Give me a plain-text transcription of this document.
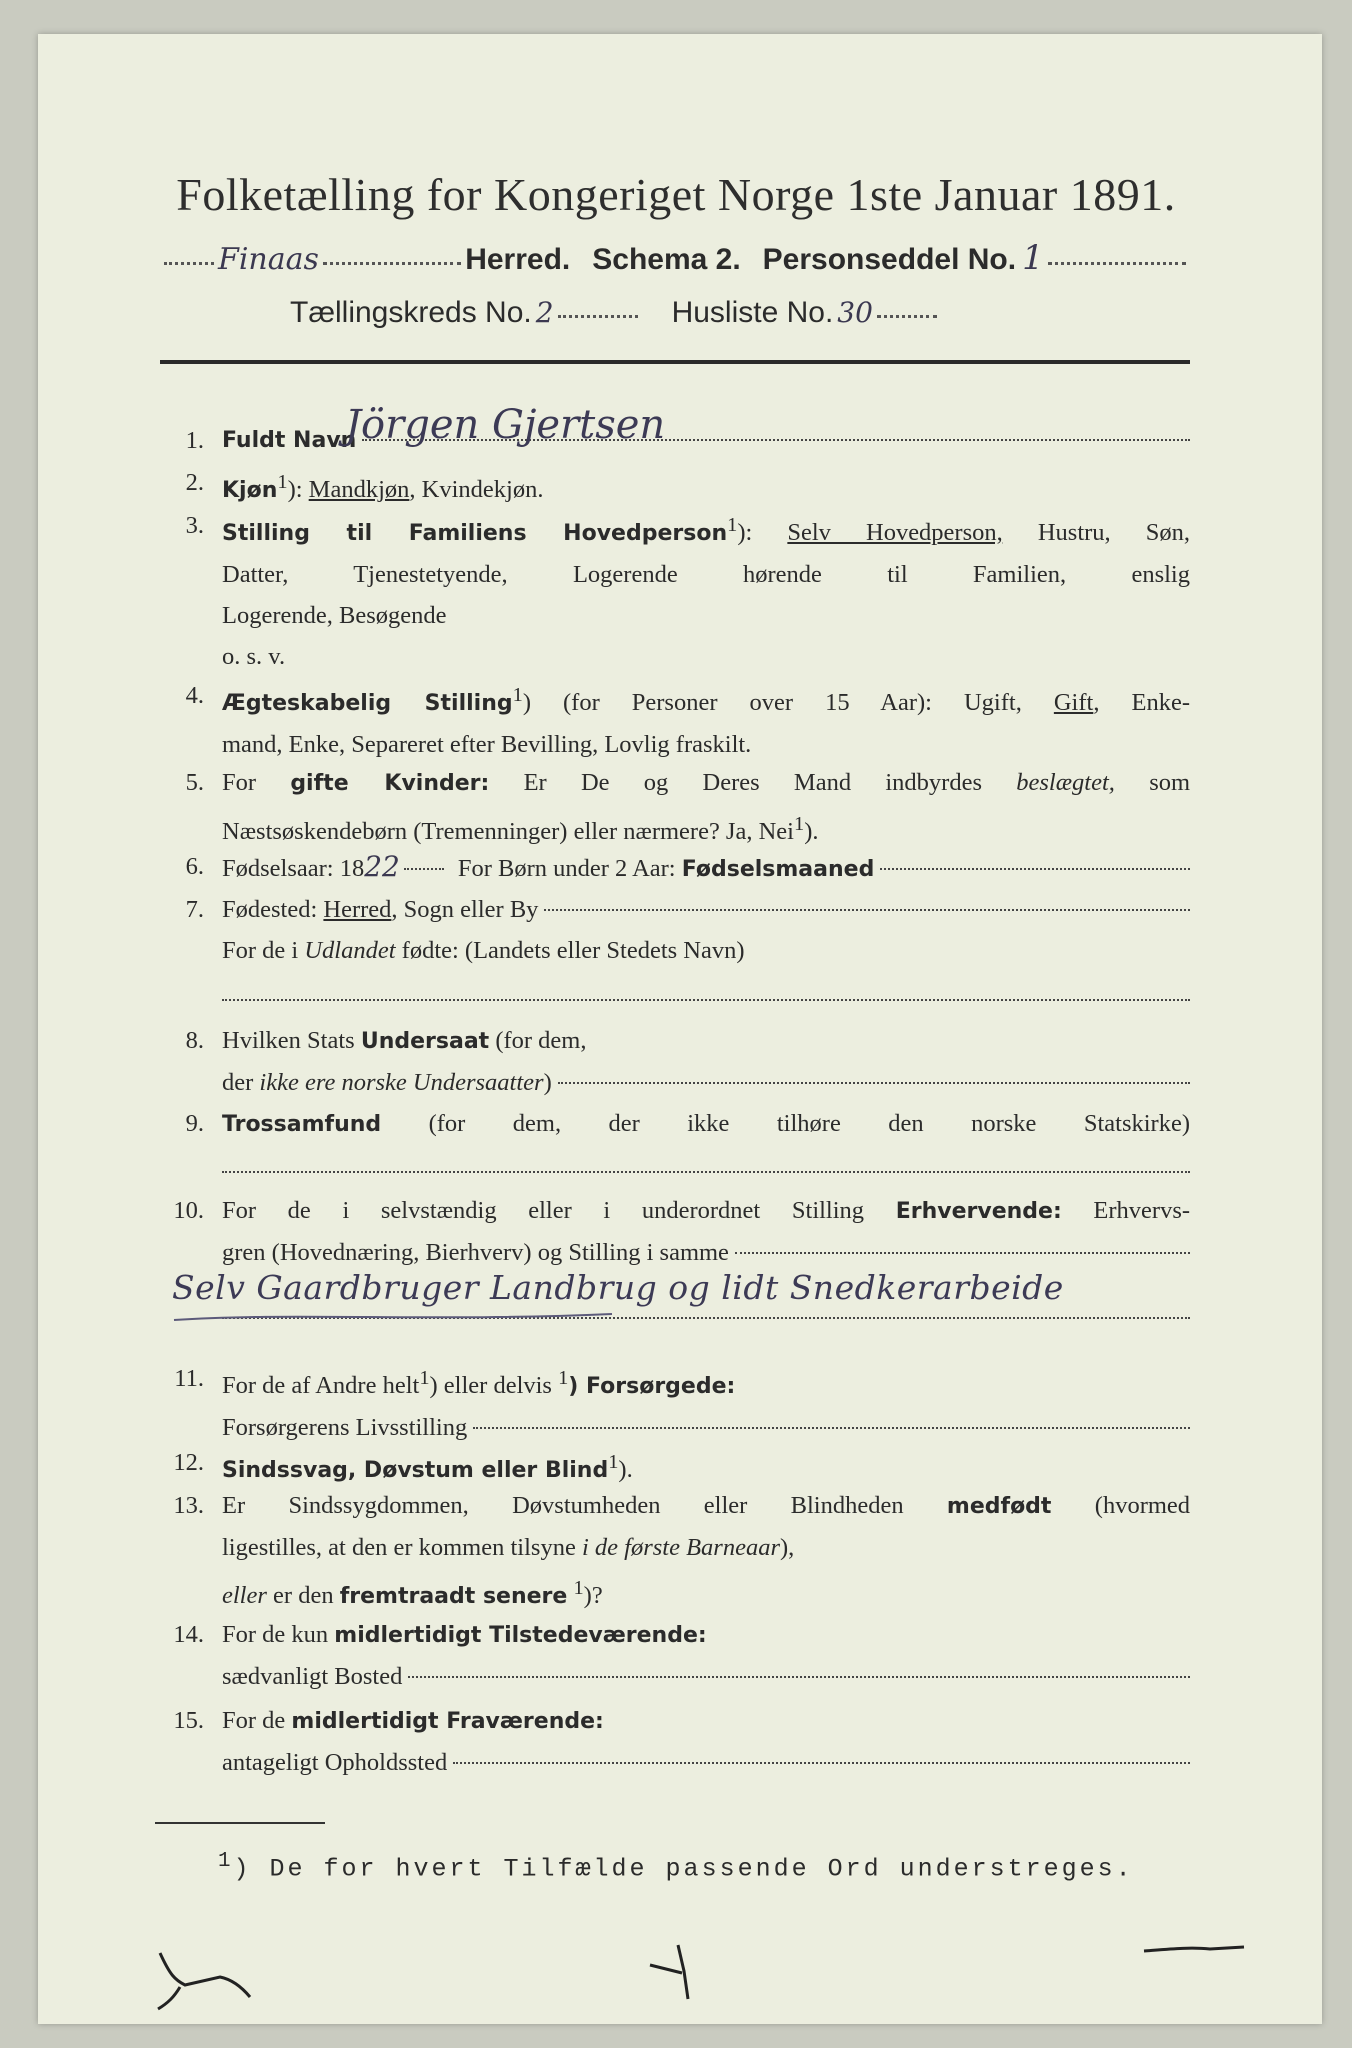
Folketælling for Kongeriget Norge 1ste Januar 1891.
Finaas	Herred. Schema 2. Personseddel No. 1
Tællingskreds No. 2	Husliste No. 30
1. Fuldt Navn
Jörgen Gjertsen
2. Kjøn$^1$): Mandkjøn, Kvindekjøn.
3. Stilling til Familiens Hovedperson$^1$): Selv Hovedperson, Hustru, Søn,
Datter, Tjenestetyende, Logerende hørende til Familien, enslig
Logerende, Besøgende
o. s. v.
4. Ægteskabelig Stilling$^1$) (for Personer over 15 Aar): Ugift, Gift, Enke-
mand, Enke, Separeret efter Bevilling, Lovlig fraskilt.
5. For gifte Kvinder: Er De og Deres Mand indbyrdes beslægtet, som
Næstsøskendebørn (Tremenninger) eller nærmere? Ja, Nei$^1$).
6. Fødselsaar: 18 22 For Børn under 2 Aar:
Fødselsmaaned
7. Fødested:
Herred , Sogn eller By
For de i Udlandet fødte: (Landets eller Stedets Navn)
8. Hvilken Stats Undersaat (for dem,
der
ikke ere norske Undersaatter )
9. Trossamfund (for dem, der ikke tilhøre den norske Statskirke)
10. For de i selvstændig eller i underordnet Stilling Erhvervende: Erhvervs-
gren (Hovednæring, Bierhverv) og Stilling i samme
Selv Gaardbruger Landbrug og lidt Snedkerarbeide
11. For de af Andre helt$^1$) eller delvis $^1$) Forsørgede:
Forsørgerens Livsstilling
12. Sindssvag, Døvstum eller Blind$^1$).
13. Er Sindssygdommen, Døvstumheden eller Blindheden medfødt (hvormed
ligestilles, at den er kommen tilsyne i de første Barneaar),
eller er den fremtraadt senere $^1$)?
14. For de kun midlertidigt Tilstedeværende:
sædvanligt Bosted
15. For de midlertidigt Fraværende:
antageligt Opholdssted
$^1$) De for hvert Tilfælde passende Ord understreges.
